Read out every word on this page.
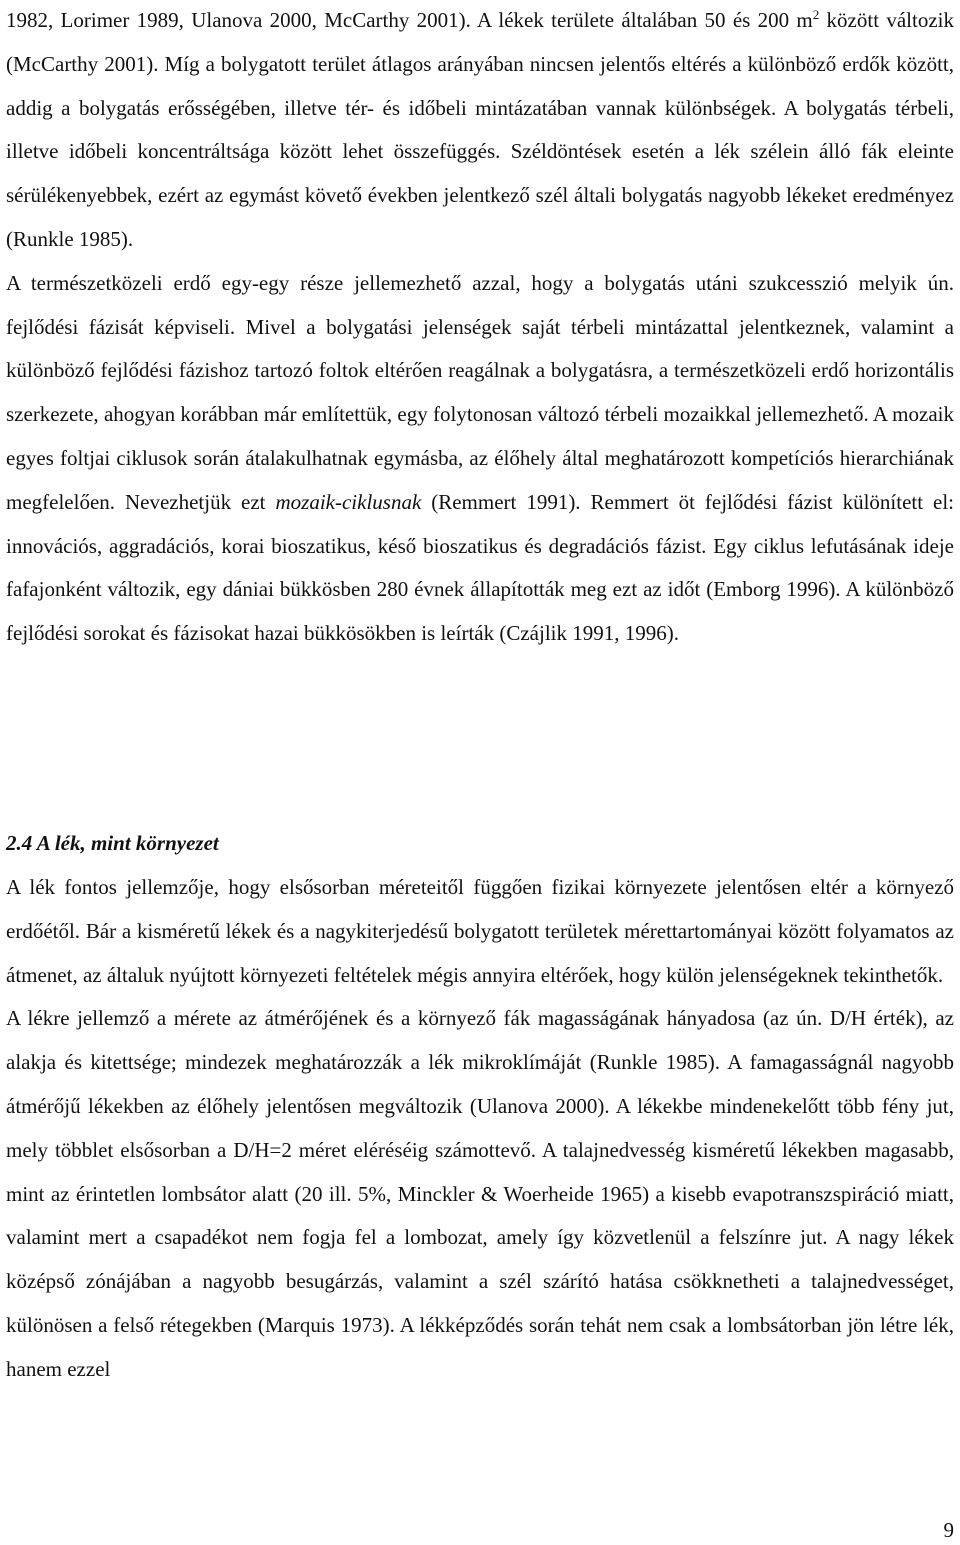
1982, Lorimer 1989, Ulanova 2000, McCarthy 2001). A lékek területe általában 50 és 200 $m^2$ között változik (McCarthy 2001). Míg a bolygatott terület átlagos arányában nincsen jelentős eltérés a különböző erdők között, addig a bolygatás erősségében, illetve tér- és időbeli mintázatában vannak különbségek. A bolygatás térbeli, illetve időbeli koncentráltsága között lehet összefüggés. Széldöntések esetén a lék szélein álló fák eleinte sérülékenyebbek, ezért az egymást követő években jelentkező szél általi bolygatás nagyobb lékeket eredményez (Runkle 1985).

A természetközeli erdő egy-egy része jellemezhető azzal, hogy a bolygatás utáni szukcesszió melyik ún. fejlődési fázisát képviseli. Mivel a bolygatási jelenségek saját térbeli mintázattal jelentkeznek, valamint a különböző fejlődési fázishoz tartozó foltok eltérően reagálnak a bolygatásra, a természetközeli erdő horizontális szerkezete, ahogyan korábban már említettük, egy folytonosan változó térbeli mozaikkal jellemezhető. A mozaik egyes foltjai ciklusok során átalakulhatnak egymásba, az élőhely által meghatározott kompetíciós hierarchiának megfelelően. Nevezhetjük ezt mozaik-ciklusnak (Remmert 1991). Remmert öt fejlődési fázist különített el: innovációs, aggradációs, korai bioszatikus, késő bioszatikus és degradációs fázist. Egy ciklus lefutásának ideje fafajonként változik, egy dániai bükkösben 280 évnek állapították meg ezt az időt (Emborg 1996). A különböző fejlődési sorokat és fázisokat hazai bükkösökben is leírták (Czájlik 1991, 1996).

2.4 A lék, mint környezet

A lék fontos jellemzője, hogy elsősorban méreteitől függően fizikai környezete jelentősen eltér a környező erdőétől. Bár a kisméretű lékek és a nagykiterjedésű bolygatott területek mérettartományai között folyamatos az átmenet, az általuk nyújtott környezeti feltételek mégis annyira eltérőek, hogy külön jelenségeknek tekinthetők.

A lékre jellemző a mérete az átmérőjének és a környező fák magasságának hányadosa (az ún. D/H érték), az alakja és kitettsége; mindezek meghatározzák a lék mikroklímáját (Runkle 1985). A famagasságnál nagyobb átmérőjű lékekben az élőhely jelentősen megváltozik (Ulanova 2000). A lékekbe mindenekelőtt több fény jut, mely többlet elsősorban a D/H=2 méret eléréséig számottevő. A talajnedvesség kisméretű lékekben magasabb, mint az érintetlen lombsátor alatt (20 ill. 5%, Minckler & Woerheide 1965) a kisebb evapotranszspiráció miatt, valamint mert a csapadékot nem fogja fel a lombozat, amely így közvetlenül a felszínre jut. A nagy lékek középső zónájában a nagyobb besugárzás, valamint a szél szárító hatása csökknetheti a talajnedvességet, különösen a felső rétegekben (Marquis 1973). A lékképződés során tehát nem csak a lombsátorban jön létre lék, hanem ezzel

9
